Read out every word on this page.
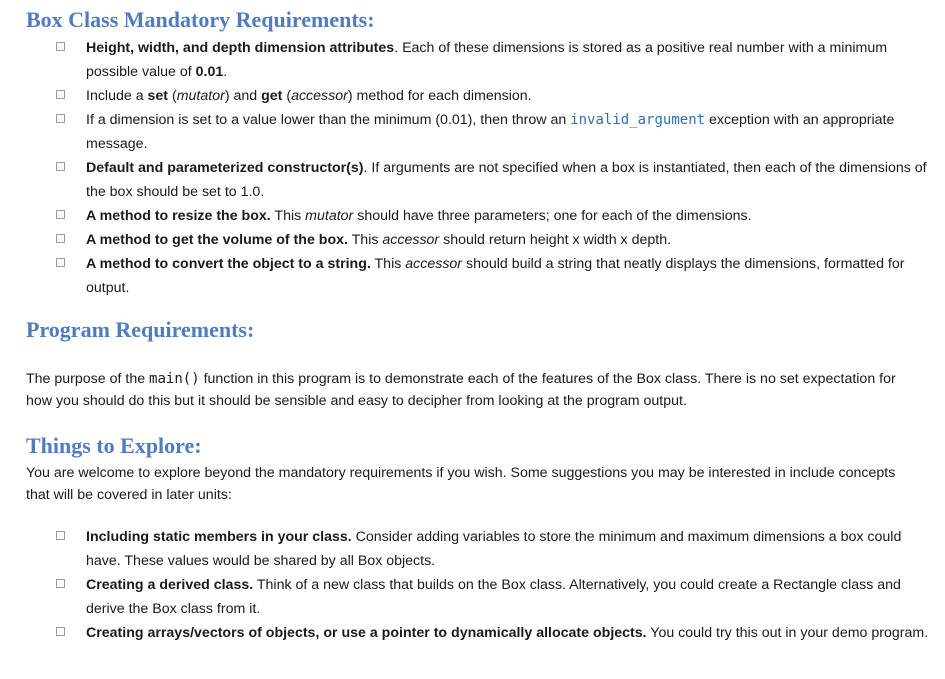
Box Class Mandatory Requirements:
Height, width, and depth dimension attributes. Each of these dimensions is stored as a positive real number with a minimum possible value of 0.01.
Include a set (mutator) and get (accessor) method for each dimension.
If a dimension is set to a value lower than the minimum (0.01), then throw an invalid_argument exception with an appropriate message.
Default and parameterized constructor(s). If arguments are not specified when a box is instantiated, then each of the dimensions of the box should be set to 1.0.
A method to resize the box. This mutator should have three parameters; one for each of the dimensions.
A method to get the volume of the box. This accessor should return height x width x depth.
A method to convert the object to a string. This accessor should build a string that neatly displays the dimensions, formatted for output.
Program Requirements:
The purpose of the main() function in this program is to demonstrate each of the features of the Box class. There is no set expectation for how you should do this but it should be sensible and easy to decipher from looking at the program output.
Things to Explore:
You are welcome to explore beyond the mandatory requirements if you wish. Some suggestions you may be interested in include concepts that will be covered in later units:
Including static members in your class. Consider adding variables to store the minimum and maximum dimensions a box could have. These values would be shared by all Box objects.
Creating a derived class. Think of a new class that builds on the Box class. Alternatively, you could create a Rectangle class and derive the Box class from it.
Creating arrays/vectors of objects, or use a pointer to dynamically allocate objects. You could try this out in your demo program.
